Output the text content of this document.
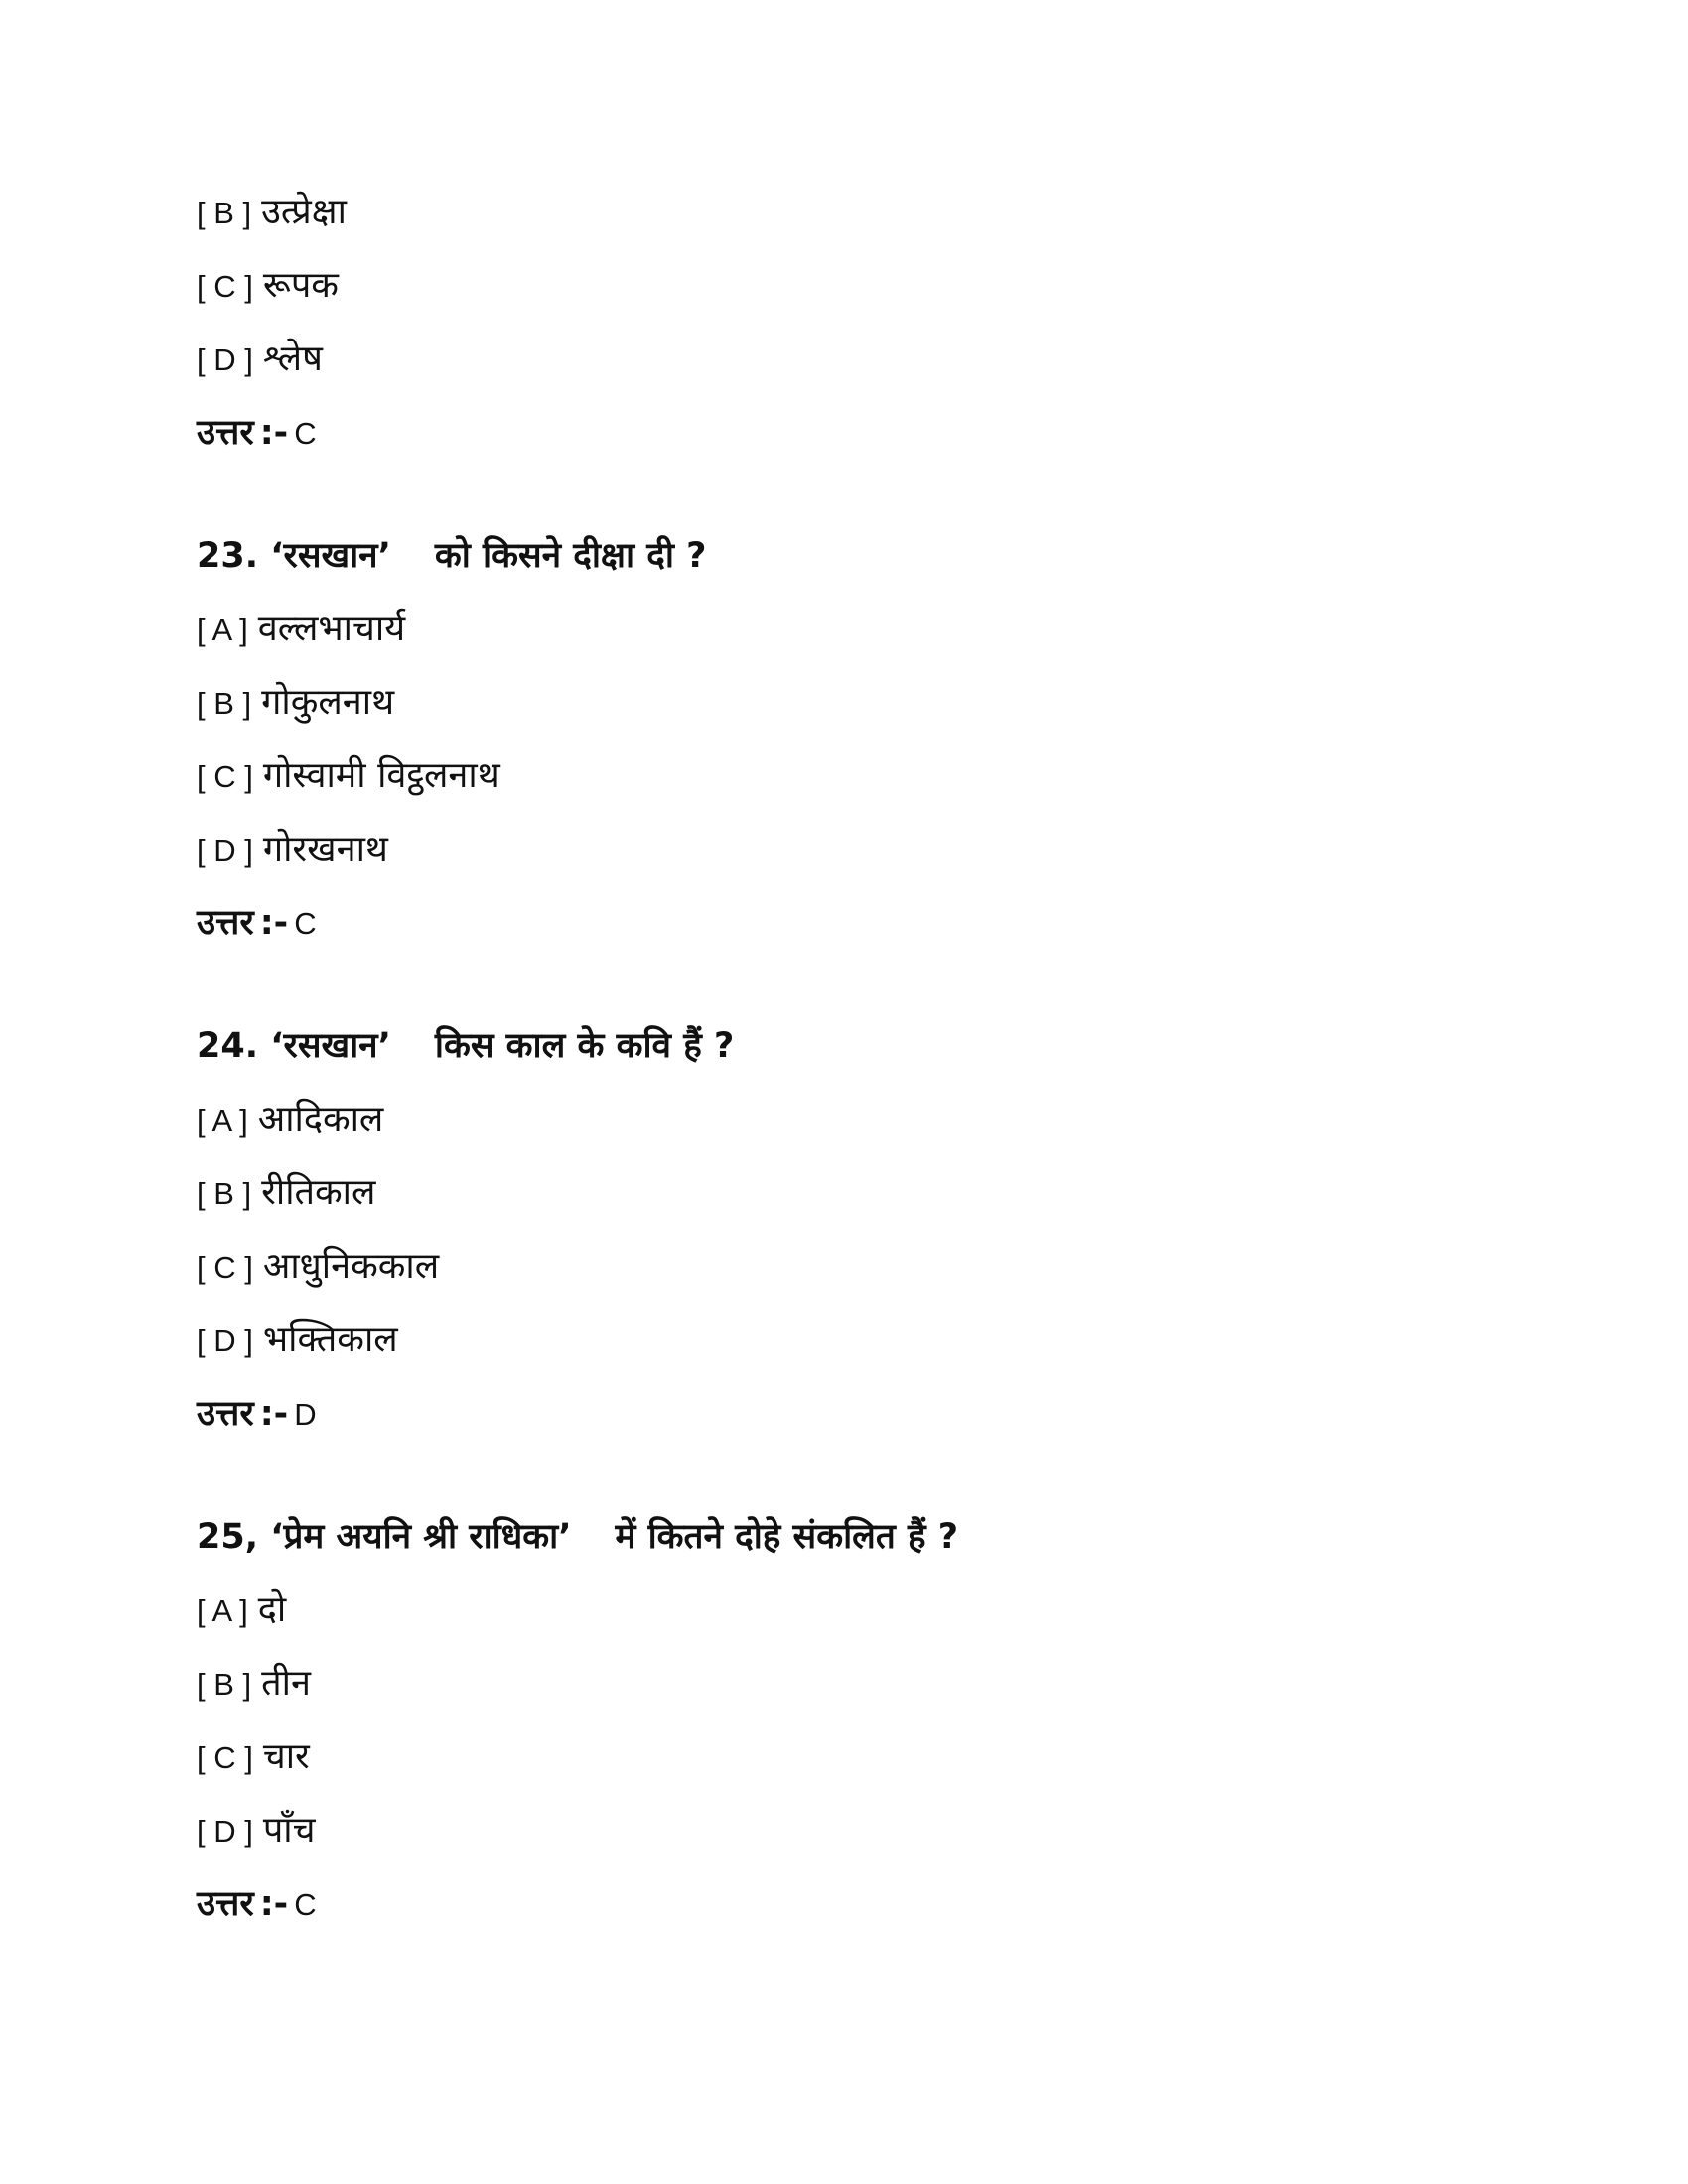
[ B ] उत्प्रेक्षा
[ C ] रूपक
[ D ] श्लेष
उत्तर :- C
23. ‘रसखान’ को किसने दीक्षा दी ?
[ A ] वल्लभाचार्य
[ B ] गोकुलनाथ
[ C ] गोस्वामी विट्ठलनाथ
[ D ] गोरखनाथ
उत्तर :- C
24. ‘रसखान’ किस काल के कवि हैं ?
[ A ] आदिकाल
[ B ] रीतिकाल
[ C ] आधुनिककाल
[ D ] भक्तिकाल
उत्तर :- D
25, ‘प्रेम अयनि श्री राधिका’ में कितने दोहे संकलित हैं ?
[ A ] दो
[ B ] तीन
[ C ] चार
[ D ] पाँच
उत्तर :- C
